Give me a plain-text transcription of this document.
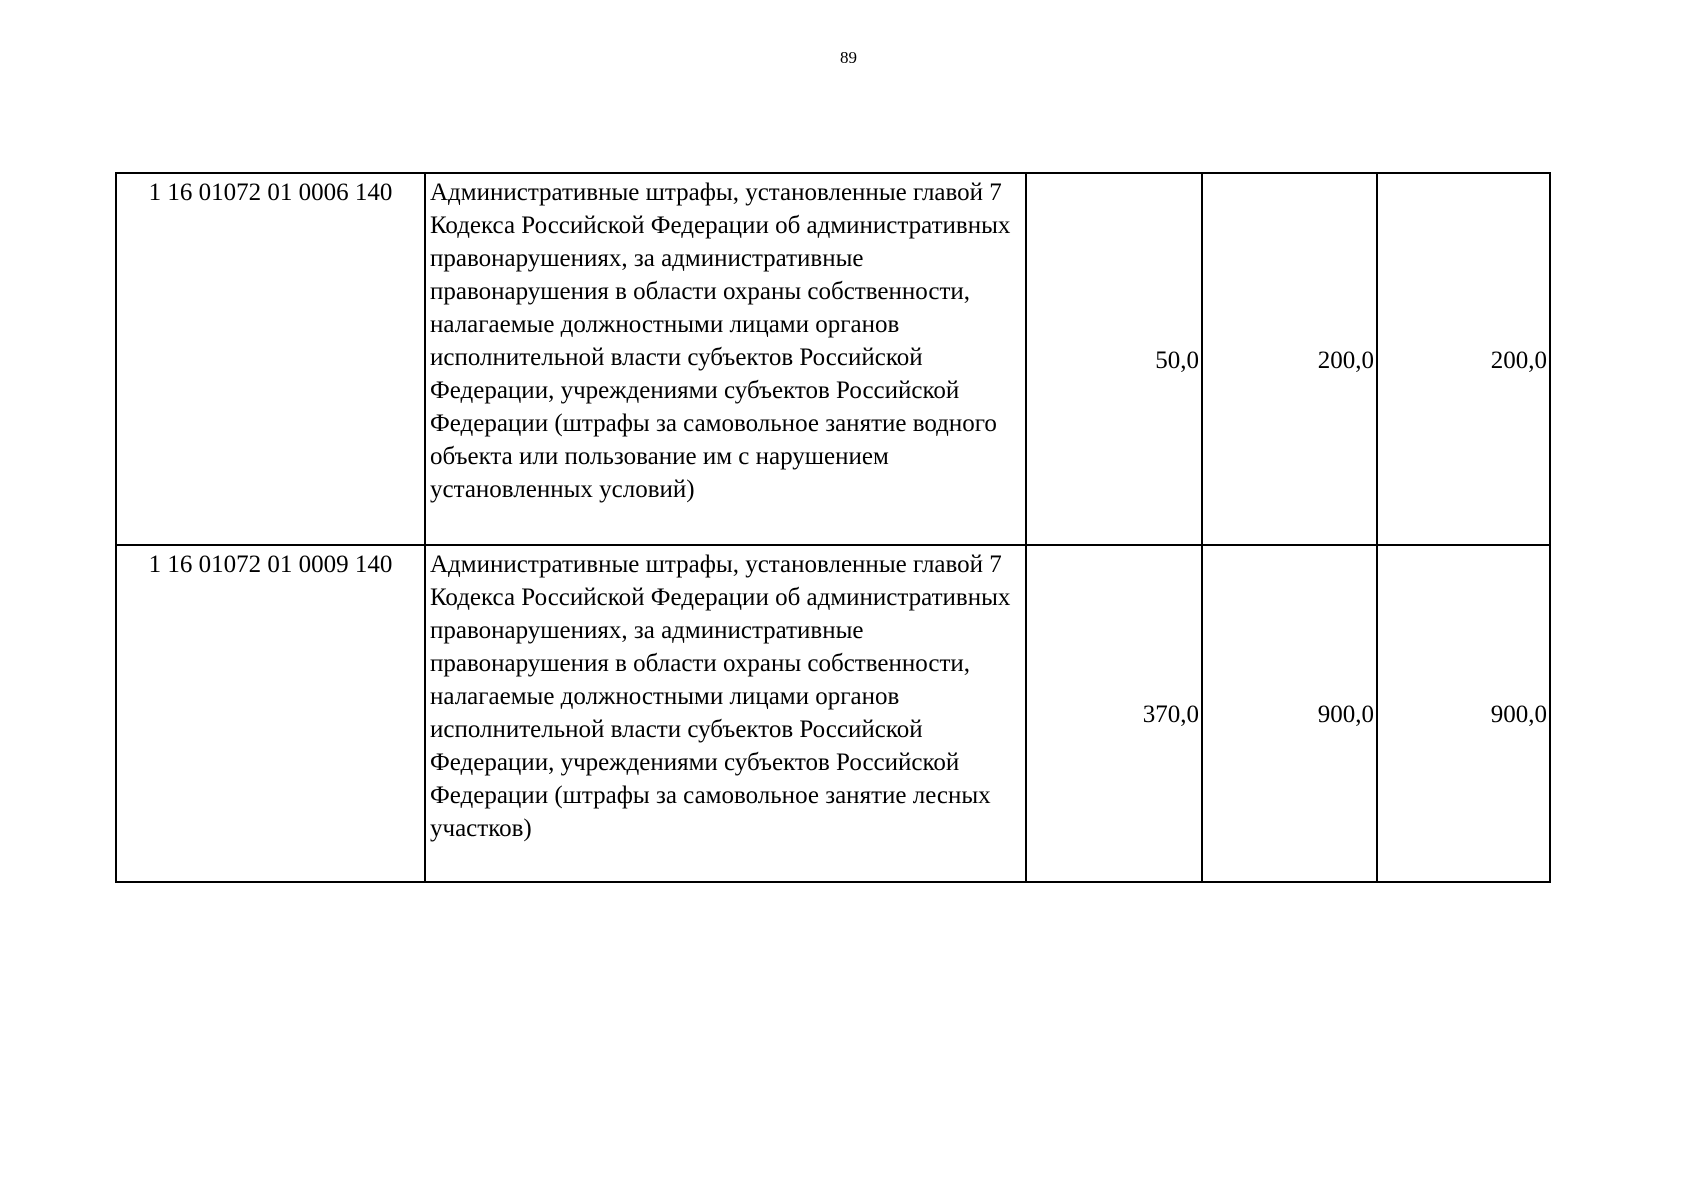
89
1 16 01072 01 0006 140	Административные штрафы, установленные главой 7 Кодекса Российской Федерации об административных правонарушениях, за административные правонарушения в области охраны собственности, налагаемые должностными лицами органов исполнительной власти субъектов Российской Федерации, учреждениями субъектов Российской Федерации (штрафы за самовольное занятие водного объекта или пользование им с нарушением установленных условий)	50,0	200,0	200,0
1 16 01072 01 0009 140	Административные штрафы, установленные главой 7 Кодекса Российской Федерации об административных правонарушениях, за административные правонарушения в области охраны собственности, налагаемые должностными лицами органов исполнительной власти субъектов Российской Федерации, учреждениями субъектов Российской Федерации (штрафы за самовольное занятие лесных участков)	370,0	900,0	900,0
